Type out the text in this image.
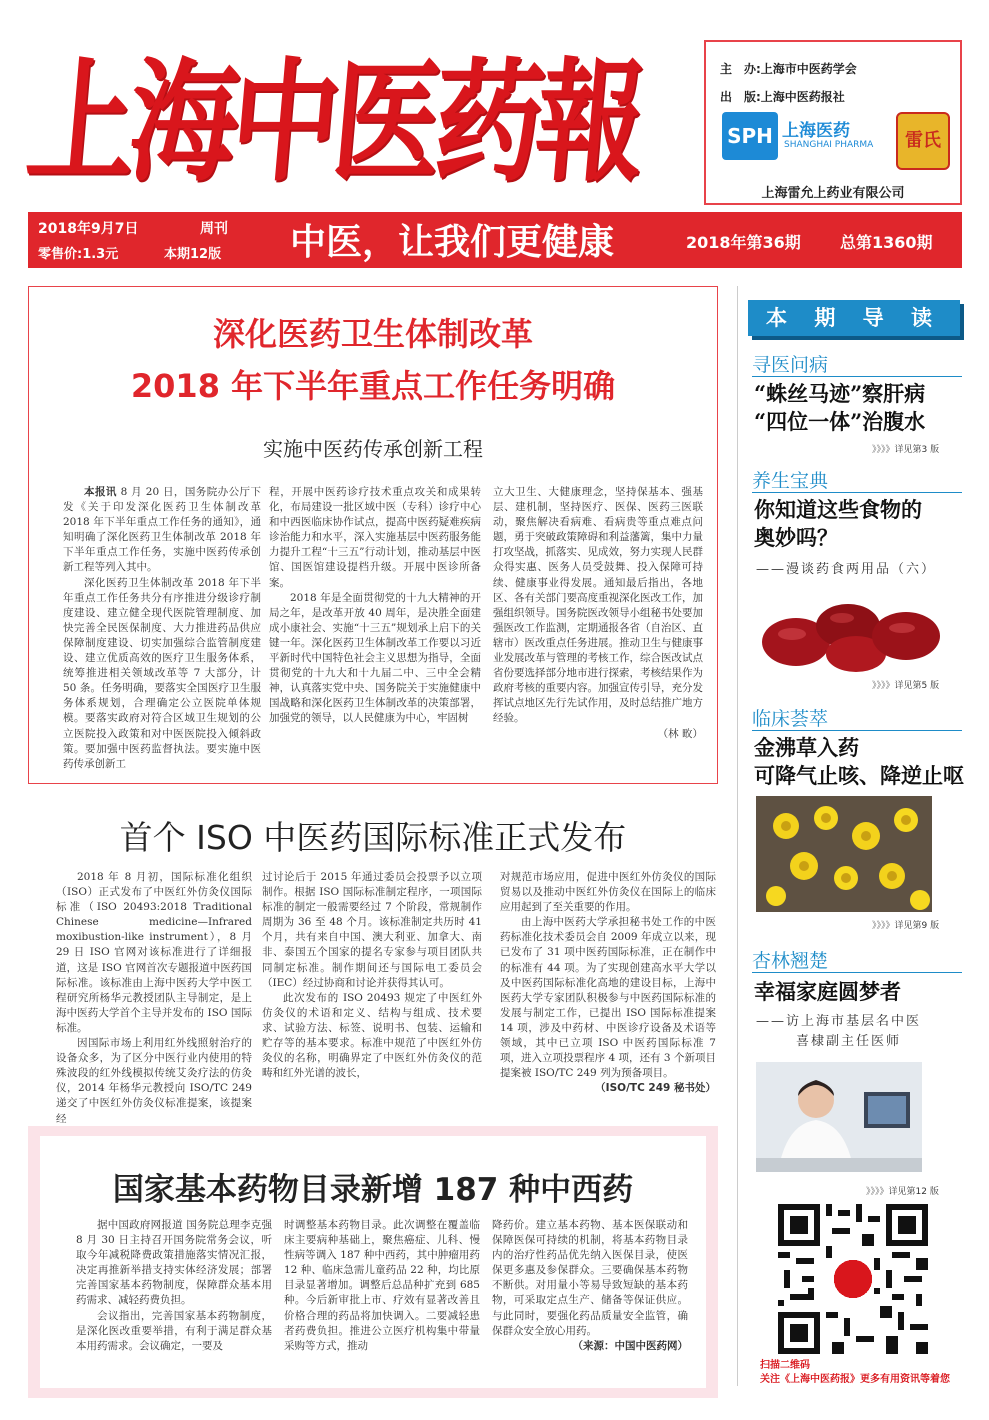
上海中医药報	主　办:上海市中医药学会
出　版:上海中医药报社
SPH 上海医药
SHANGHAI PHARMA	雷氏
上海雷允上药业有限公司
2018年9月7日	周刊
零售价:1.3元	本期12版 中医，让我们更健康	2018年第36期 总第1360期
深化医药卫生体制改革
2018 年下半年重点工作任务明确
实施中医药传承创新工程

本报讯 8 月 20 日，国务院办公厅下发《关于印发深化医药卫生体制改革 2018 年下半年重点工作任务的通知》，通知明确了深化医药卫生体制改革 2018 年下半年重点工作任务，实施中医药传承创新工程等列入其中。

深化医药卫生体制改革 2018 年下半年重点工作任务共分有序推进分级诊疗制度建设、建立健全现代医院管理制度、加快完善全民医保制度、大力推进药品供应保障制度建设、切实加强综合监管制度建设、建立优质高效的医疗卫生服务体系，统筹推进相关领域改革等 7 大部分，计 50 条。任务明确，要落实全国医疗卫生服务体系规划，合理确定公立医院单体规模。要落实政府对符合区域卫生规划的公立医院投入政策和对中医医院投入倾斜政策。要加强中医药监督执法。要实施中医药传承创新工

程，开展中医药诊疗技术重点攻关和成果转化，布局建设一批区域中医（专科）诊疗中心和中西医临床协作试点，提高中医药疑难疾病诊治能力和水平，深入实施基层中医药服务能力提升工程“十三五”行动计划，推动基层中医馆、国医馆建设提档升级。开展中医诊所备案。

2018 年是全面贯彻党的十九大精神的开局之年，是改革开放 40 周年，是决胜全面建成小康社会、实施“十三五”规划承上启下的关键一年。深化医药卫生体制改革工作要以习近平新时代中国特色社会主义思想为指导，全面贯彻党的十九大和十九届二中、三中全会精神，认真落实党中央、国务院关于实施健康中国战略和深化医药卫生体制改革的决策部署，加强党的领导，以人民健康为中心，牢固树

立大卫生、大健康理念，坚持保基本、强基层、建机制，坚持医疗、医保、医药三医联动，聚焦解决看病难、看病贵等重点难点问题，勇于突破政策障碍和利益藩篱，集中力量打攻坚战，抓落实、见成效，努力实现人民群众得实惠、医务人员受鼓舞、投入保障可持续、健康事业得发展。通知最后指出，各地区、各有关部门要高度重视深化医改工作，加强组织领导。国务院医改领导小组秘书处要加强医改工作监测，定期通报各省（自治区、直辖市）医改重点任务进展。推动卫生与健康事业发展改革与管理的考核工作，综合医改试点省份要选择部分地市进行探索，考核结果作为政府考核的重要内容。加强宣传引导，充分发挥试点地区先行先试作用，及时总结推广地方经验。

（林 畋）

首个 ISO 中医药国际标准正式发布

2018 年 8 月初，国际标准化组织（ISO）正式发布了中医红外仿灸仪国际标准（ISO 20493:2018 Traditional Chinese medicine—Infrared moxibustion-like instrument），8 月 29 日 ISO 官网对该标准进行了详细报道，这是 ISO 官网首次专题报道中医药国际标准。该标准由上海中医药大学中医工程研究所杨华元教授团队主导制定，是上海中医药大学首个主导并发布的 ISO 国际标准。

因国际市场上利用红外线照射治疗的设备众多，为了区分中医行业内使用的特殊波段的红外线模拟传统艾灸疗法的仿灸仪，2014 年杨华元教授向 ISO/TC 249 递交了中医红外仿灸仪标准提案，该提案经

过讨论后于 2015 年通过委员会投票予以立项制作。根据 ISO 国际标准制定程序，一项国际标准的制定一般需要经过 7 个阶段，常规制作周期为 36 至 48 个月。该标准制定共历时 41 个月，共有来自中国、澳大利亚、加拿大、南非、泰国五个国家的提名专家参与项目团队共同制定标准。制作期间还与国际电工委员会（IEC）经过协商和讨论并获得其认可。

此次发布的 ISO 20493 规定了中医红外仿灸仪的术语和定义、结构与组成、技术要求、试验方法、标签、说明书、包装、运输和贮存等的基本要求。标准中规范了中医红外仿灸仪的名称，明确界定了中医红外仿灸仪的范畴和红外光谱的波长，

对规范市场应用，促进中医红外仿灸仪的国际贸易以及推动中医红外仿灸仪在国际上的临床应用起到了至关重要的作用。

由上海中医药大学承担秘书处工作的中医药标准化技术委员会自 2009 年成立以来，现已发布了 31 项中医药国际标准，正在制作中的标准有 44 项。为了实现创建高水平大学以及中医药国际标准化高地的建设目标，上海中医药大学专家团队积极参与中医药国际标准的发展与制定工作，已提出 ISO 国际标准提案 14 项，涉及中药材、中医诊疗设备及术语等领域，其中已立项 ISO 中医药国际标准 7 项，进入立项投票程序 4 项，还有 3 个新项目提案被 ISO/TC 249 列为预备项目。

（ISO/TC 249 秘书处）

国家基本药物目录新增 187 种中西药

据中国政府网报道 国务院总理李克强 8 月 30 日主持召开国务院常务会议，听取今年减税降费政策措施落实情况汇报，决定再推新举措支持实体经济发展；部署完善国家基本药物制度，保障群众基本用药需求、减轻药费负担。

会议指出，完善国家基本药物制度，是深化医改重要举措，有利于满足群众基本用药需求。会议确定，一要及

时调整基本药物目录。此次调整在覆盖临床主要病种基础上，聚焦癌症、儿科、慢性病等调入 187 种中西药，其中肿瘤用药 12 种、临床急需儿童药品 22 种，均比原目录显著增加。调整后总品种扩充到 685 种。今后新审批上市、疗效有显著改善且价格合理的药品将加快调入。二要减轻患者药费负担。推进公立医疗机构集中带量采购等方式，推动

降药价。建立基本药物、基本医保联动和保障医保可持续的机制，将基本药物目录内的治疗性药品优先纳入医保目录，使医保更多惠及参保群众。三要确保基本药物不断供。对用量小等易导致短缺的基本药物，可采取定点生产、储备等保证供应。与此同时，要强化药品质量安全监管，确保群众安全放心用药。

（来源：中国中医药网）

本 期 导 读
寻医问病
“蛛丝马迹”察肝病
“四位一体”治腹水
》》》》详见第3 版
养生宝典
你知道这些食物的
奥妙吗？
——漫谈药食两用品（六）
》》》》详见第5 版
临床荟萃
金沸草入药
可降气止咳、降逆止呕
》》》》详见第9 版
杏林翘楚
幸福家庭圆梦者
——访上海市基层名中医
喜棣副主任医师
》》》》详见第12 版
扫描二维码
关注《上海中医药报》更多有用资讯等着您
